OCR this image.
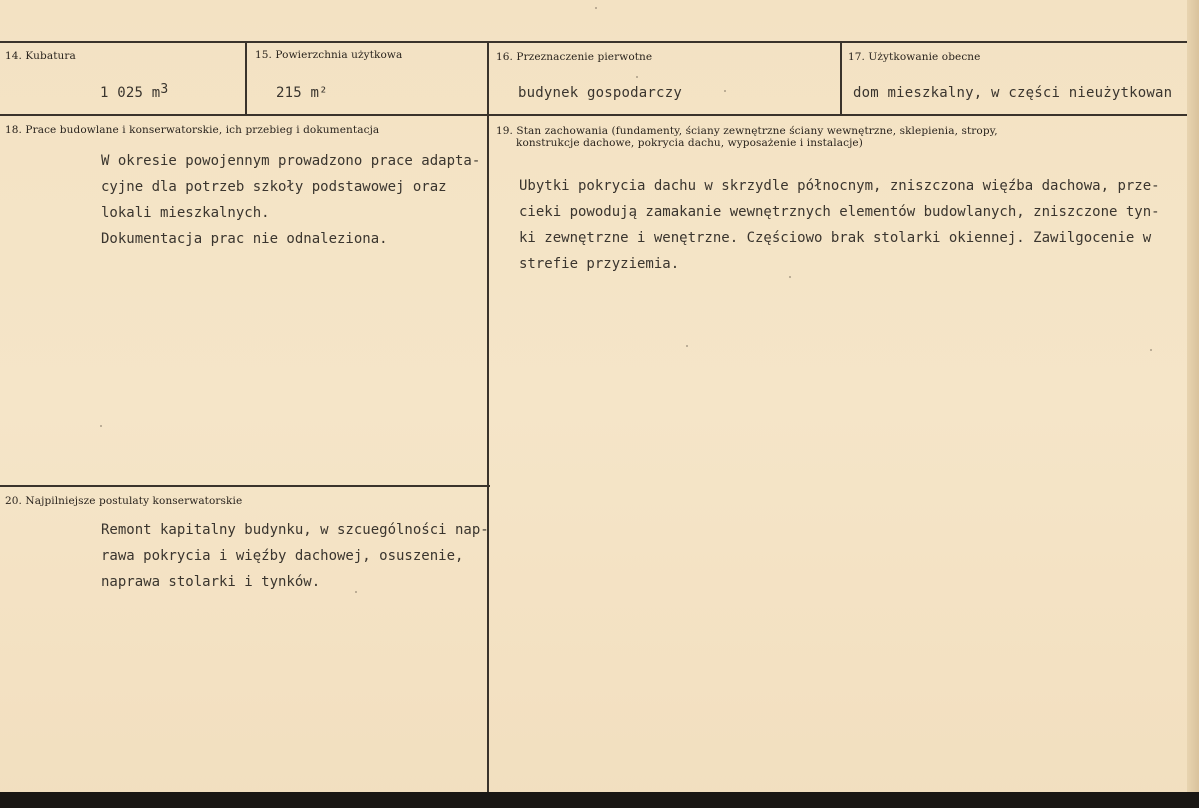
14. Kubatura
1 025 $m^3$
15. Powierzchnia użytkowa
215 m²
16. Przeznaczenie pierwotne
budynek gospodarczy
17. Użytkowanie obecne
dom mieszkalny, w części nieużytkowan
18. Prace budowlane i konserwatorskie, ich przebieg i dokumentacja
W okresie powojennym prowadzono prace adapta-
cyjne dla potrzeb szkoły podstawowej oraz
lokali mieszkalnych.
Dokumentacja prac nie odnaleziona.
19. Stan zachowania (fundamenty, ściany zewnętrzne ściany wewnętrzne, sklepienia, stropy,
konstrukcje dachowe, pokrycia dachu, wyposażenie i instalacje)
Ubytki pokrycia dachu w skrzydle północnym, zniszczona więźba dachowa, prze-
cieki powodują zamakanie wewnętrznych elementów budowlanych, zniszczone tyn-
ki zewnętrzne i wenętrzne. Częściowo brak stolarki okiennej. Zawilgocenie w
strefie przyziemia.
20. Najpilniejsze postulaty konserwatorskie
Remont kapitalny budynku, w szcuególności nap-
rawa pokrycia i więźby dachowej, osuszenie,
naprawa stolarki i tynków.
